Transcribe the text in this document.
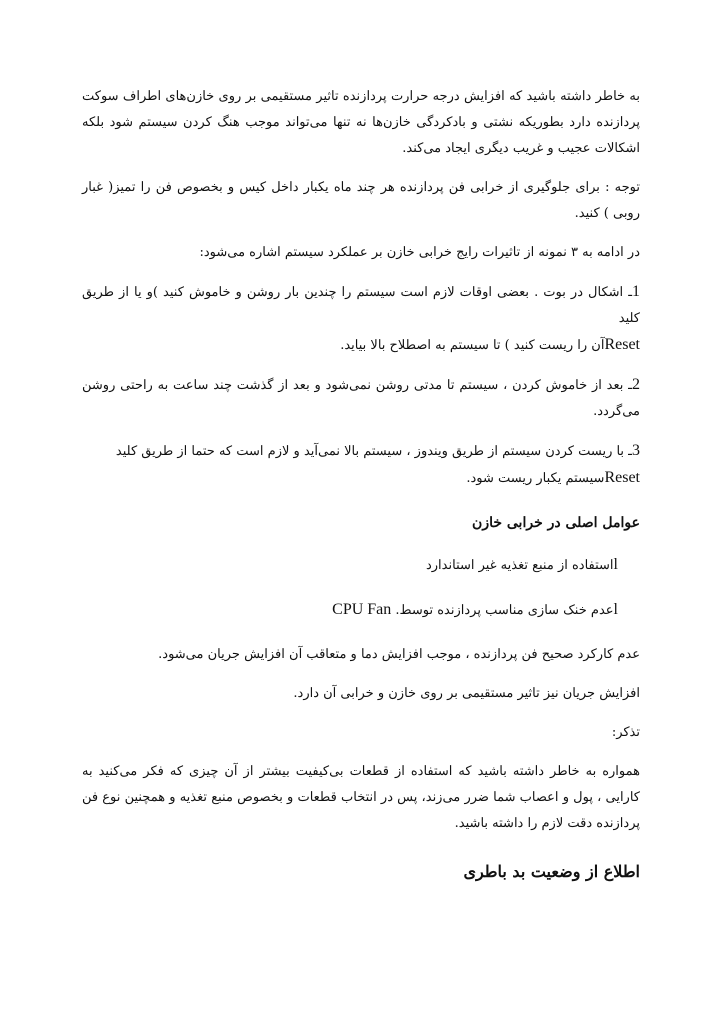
به خاطر داشته باشید که افزایش درجه حرارت پردازنده تاثیر مستقیمی بر روی خازن‌های اطراف سوکت پردازنده دارد بطوریکه نشتی و بادکردگی خازن‌ها نه تنها می‌تواند موجب هنگ کردن سیستم شود بلکه اشکالات عجیب و غریب دیگری ایجاد می‌کند.

توجه : برای جلوگیری از خرابی فن پردازنده هر چند ماه یکبار داخل کیس و بخصوص فن را تمیز( غبار روبی ) کنید.

در ادامه به ۳ نمونه از تاثیرات رایج خرابی خازن بر عملکرد سیستم اشاره می‌شود:

1ـ اشکال در بوت . بعضی اوقات لازم است سیستم را چندین بار روشن و خاموش کنید )و یا از طریق کلید
Resetآن را ریست کنید ) تا سیستم به اصطلاح بالا بیاید.

2ـ بعد از خاموش کردن ، سیستم تا مدتی روشن نمی‌شود و بعد از گذشت چند ساعت به راحتی روشن می‌گردد.

3ـ با ریست کردن سیستم از طریق ویندوز ، سیستم بالا نمی‌آید و لازم است که حتما از طریق کلید
Resetسیستم یکبار ریست شود.

عوامل اصلی در خرابی خازن

lاستفاده از منبع تغذیه غیر استاندارد

lعدم خنک سازی مناسب پردازنده توسط. CPU Fan

عدم کارکرد صحیح فن پردازنده ، موجب افزایش دما و متعاقب آن افزایش جریان می‌شود.

افزایش جریان نیز تاثیر مستقیمی بر روی خازن و خرابی آن دارد.

تذکر:

همواره به خاطر داشته باشید که استفاده از قطعات بی‌کیفیت بیشتر از آن چیزی که فکر می‌کنید به کارایی ، پول و اعصاب شما ضرر می‌زند، پس در انتخاب قطعات و بخصوص منبع تغذیه و همچنین نوع فن پردازنده دقت لازم را داشته باشید.

اطلاع از وضعیت بد باطری
